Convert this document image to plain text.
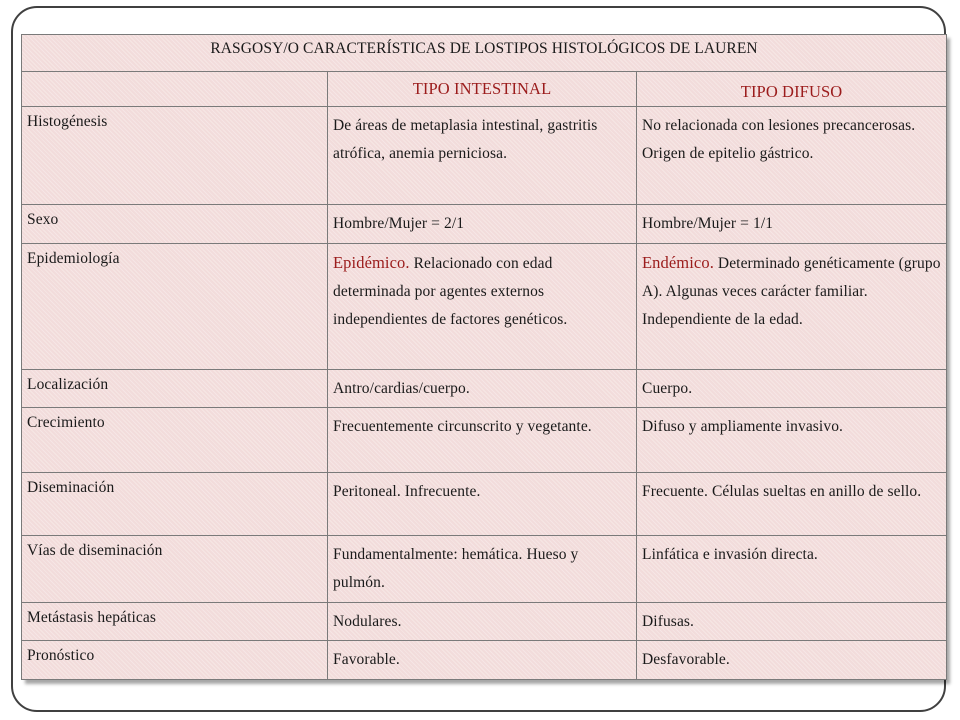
RASGOSY/O CARACTERÍSTICAS DE LOSTIPOS HISTOLÓGICOS DE LAUREN		
	TIPO INTESTINAL	TIPO DIFUSO
Histogénesis	De áreas de metaplasia intestinal, gastritis atrófica, anemia perniciosa.	No relacionada con lesiones precancerosas. Origen de epitelio gástrico.
Sexo	Hombre/Mujer = 2/1	Hombre/Mujer = 1/1
Epidemiología	Epidémico. Relacionado con edad determinada por agentes externos independientes de factores genéticos.	Endémico. Determinado genéticamente (grupo A). Algunas veces carácter familiar. Independiente de la edad.
Localización	Antro/cardias/cuerpo.	Cuerpo.
Crecimiento	Frecuentemente circunscrito y vegetante.	Difuso y ampliamente invasivo.
Diseminación	Peritoneal. Infrecuente.	Frecuente. Células sueltas en anillo de sello.
Vías de diseminación	Fundamentalmente: hemática. Hueso y pulmón.	Linfática e invasión directa.
Metástasis hepáticas	Nodulares.	Difusas.
Pronóstico	Favorable.	Desfavorable.
